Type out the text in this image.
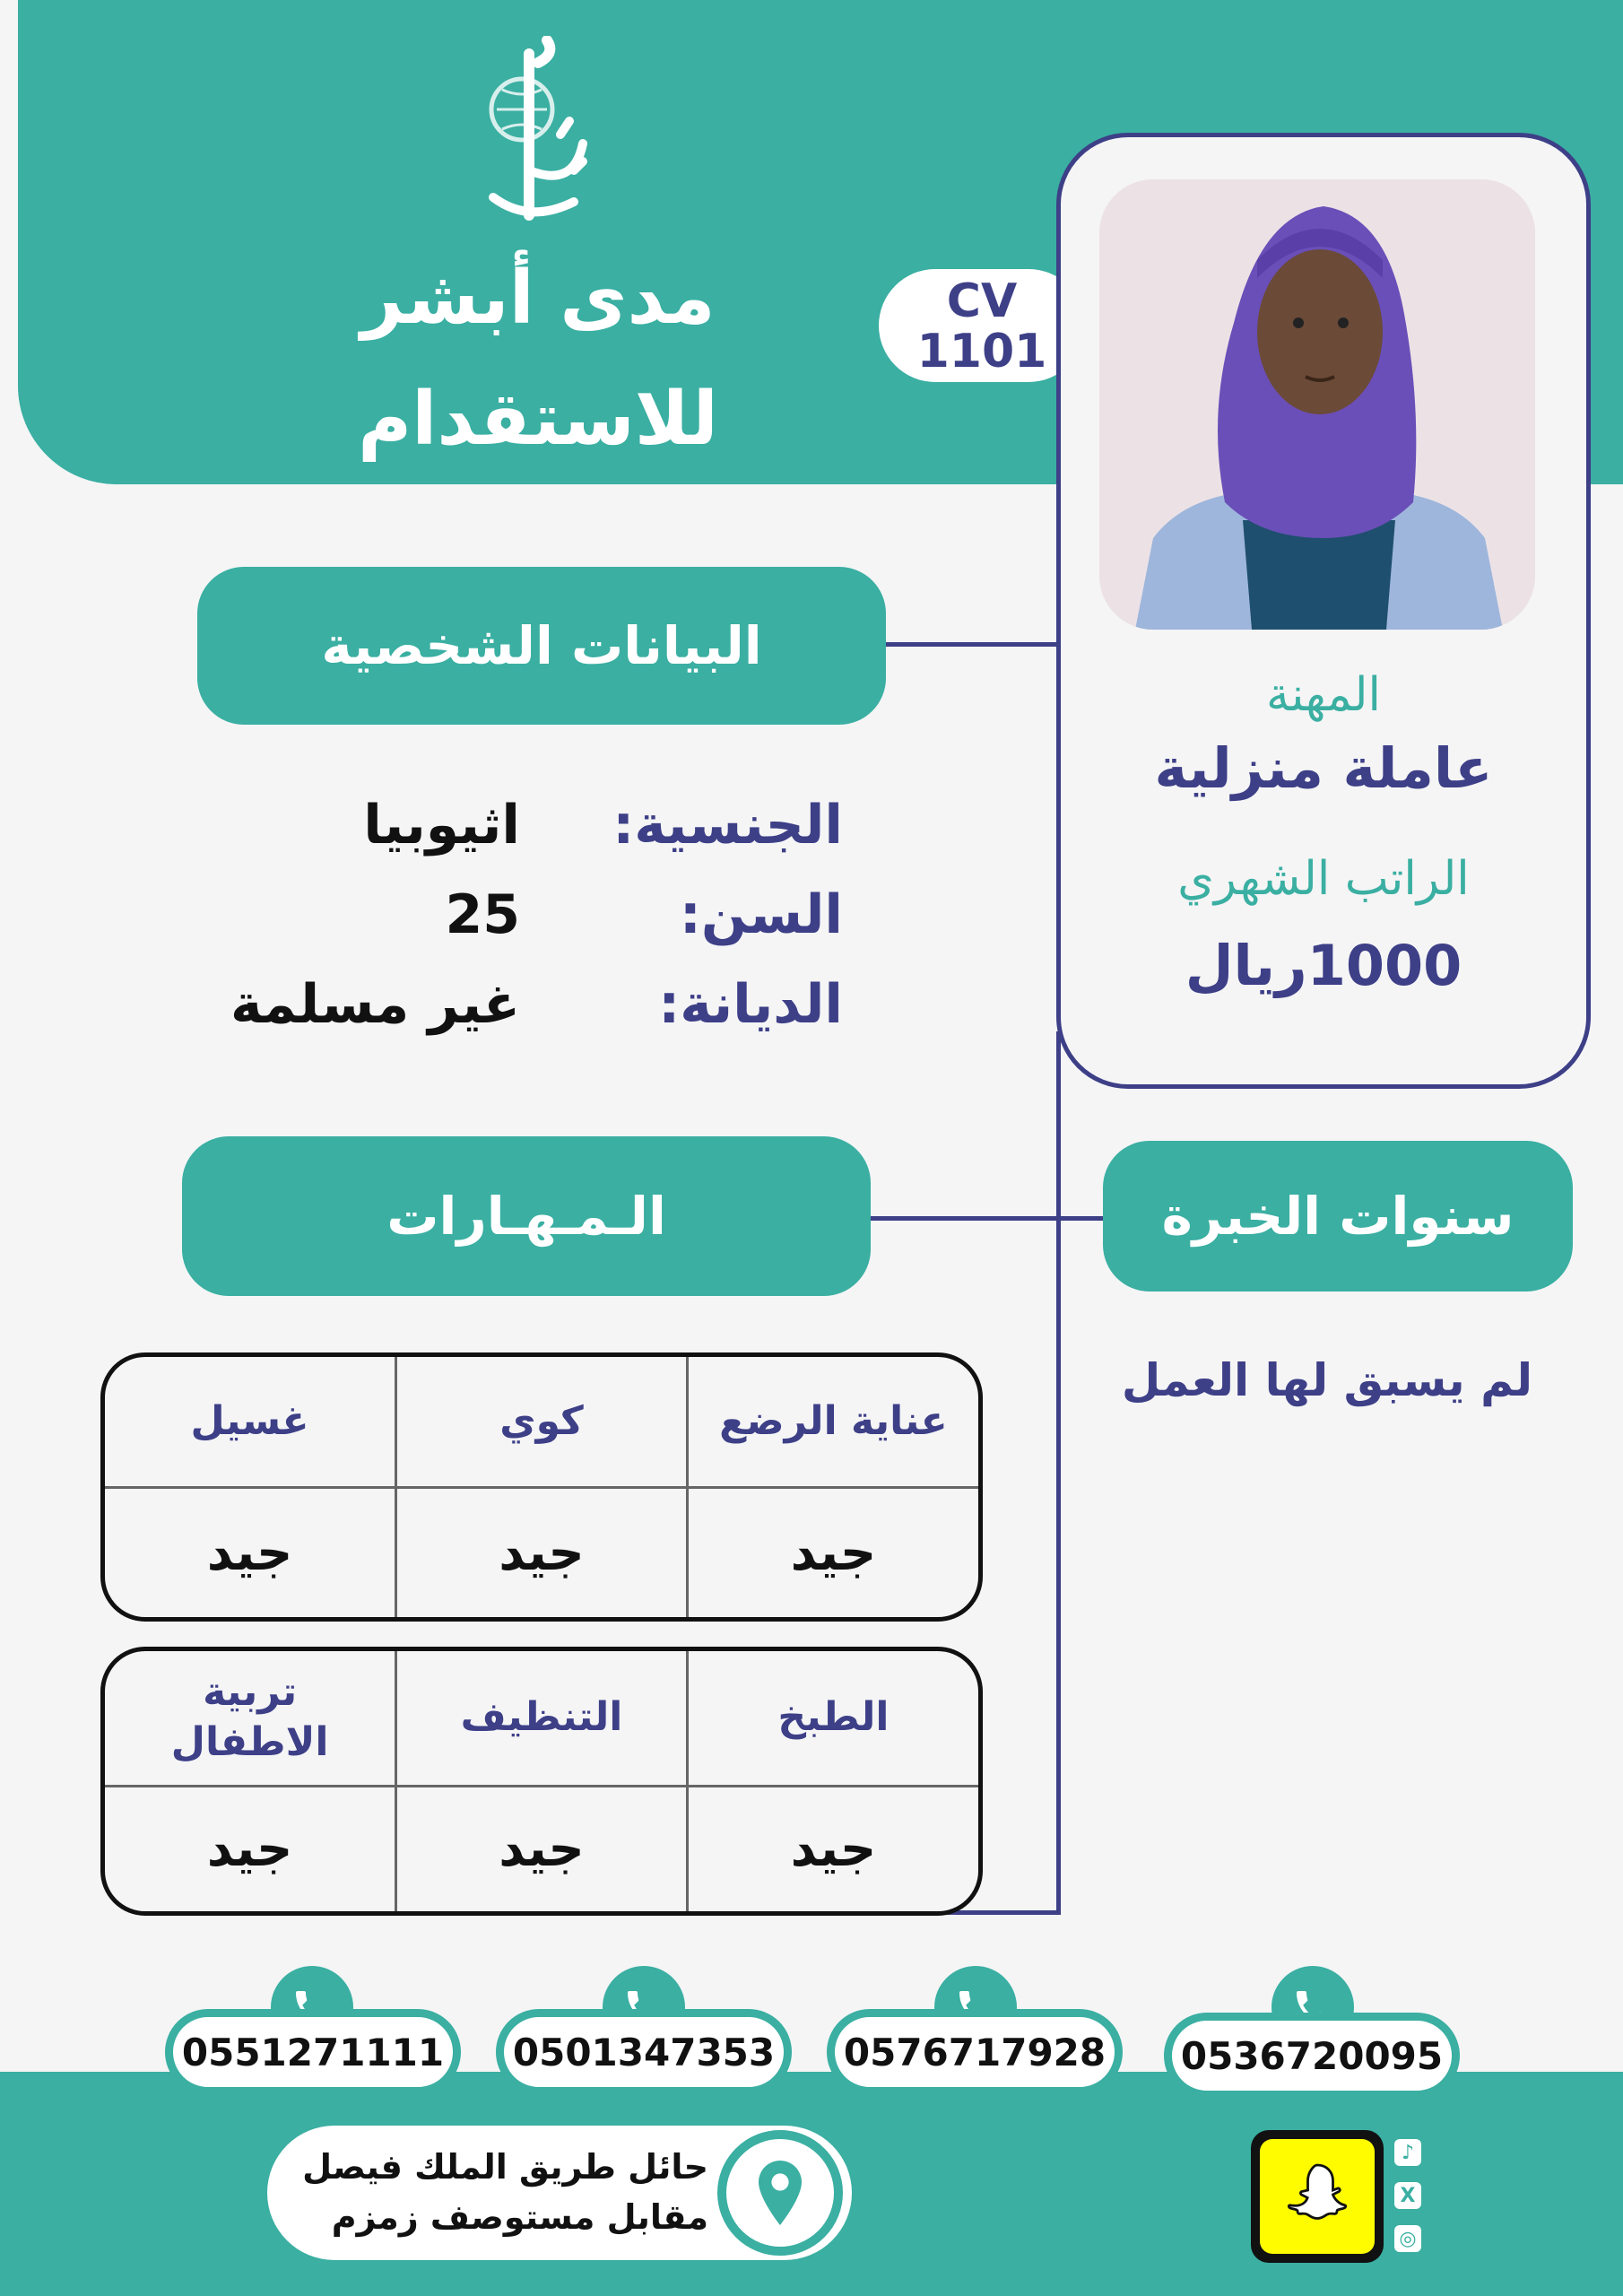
مدى أبشر
للاستقدام
CV
1101
المهنة
عاملة منزلية
الراتب الشهري
1000ريال
البيانات الشخصية
الـمـهـارات	سنوات الخبرة
الجنسية:
اثيوبيا
السن:
25
الديانة:
غير مسلمة
لم يسبق لها العمل
عناية الرضع	كوي	غسيل
جيد	جيد	جيد
الطبخ	التنظيف	تربية الاطفال
جيد	جيد	جيد
0551271111	0501347353	0576717928	0536720095
حائل طريق الملك فيصل
مقابل مستوصف زمزم
♪
X
◎
